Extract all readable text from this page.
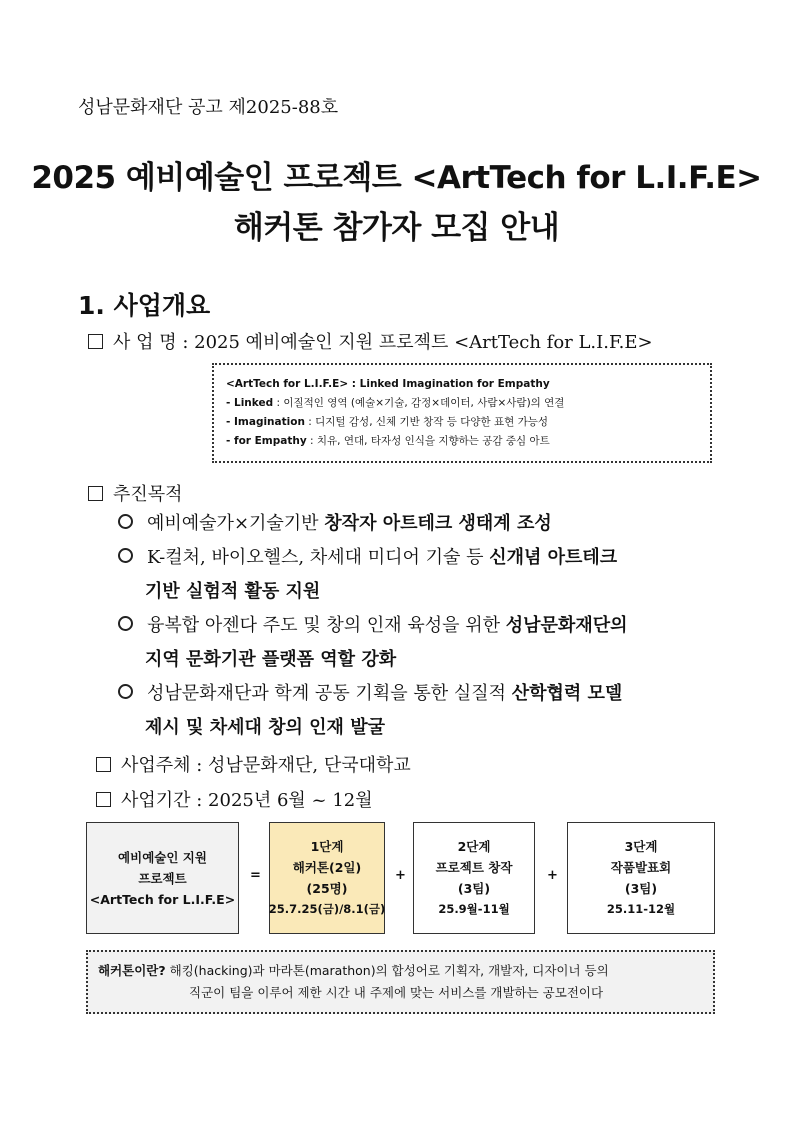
성남문화재단 공고 제2025-88호
2025 예비예술인 프로젝트 <ArtTech for L.I.F.E>
해커톤 참가자 모집 안내
1. 사업개요
사 업 명 : 2025 예비예술인 지원 프로젝트 <ArtTech for L.I.F.E>
<ArtTech for L.I.F.E> : Linked Imagination for Empathy
- Linked : 이질적인 영역 (예술×기술, 감정×데이터, 사람×사람)의 연결
- Imagination : 디지털 감성, 신체 기반 창작 등 다양한 표현 가능성
- for Empathy : 치유, 연대, 타자성 인식을 지향하는 공감 중심 아트
추진목적
예비예술가×기술기반 창작자 아트테크 생태계 조성
K-컬처, 바이오헬스, 차세대 미디어 기술 등 신개념 아트테크
기반 실험적 활동 지원
융복합 아젠다 주도 및 창의 인재 육성을 위한 성남문화재단의
지역 문화기관 플랫폼 역할 강화
성남문화재단과 학계 공동 기획을 통한 실질적 산학협력 모델
제시 및 차세대 창의 인재 발굴
사업주체 : 성남문화재단, 단국대학교
사업기간 : 2025년 6월 ~ 12월
예비예술인 지원
프로젝트
<ArtTech for L.I.F.E>
=
1단계
해커톤(2일)
(25명)
25.7.25(금)/8.1(금)
+
2단계
프로젝트 창작
(3팀)
25.9월-11월
+
3단계
작품발표회
(3팀)
25.11-12월
해커톤이란? 해킹(hacking)과 마라톤(marathon)의 합성어로 기획자, 개발자, 디자이너 등의
직군이 팀을 이루어 제한 시간 내 주제에 맞는 서비스를 개발하는 공모전이다
